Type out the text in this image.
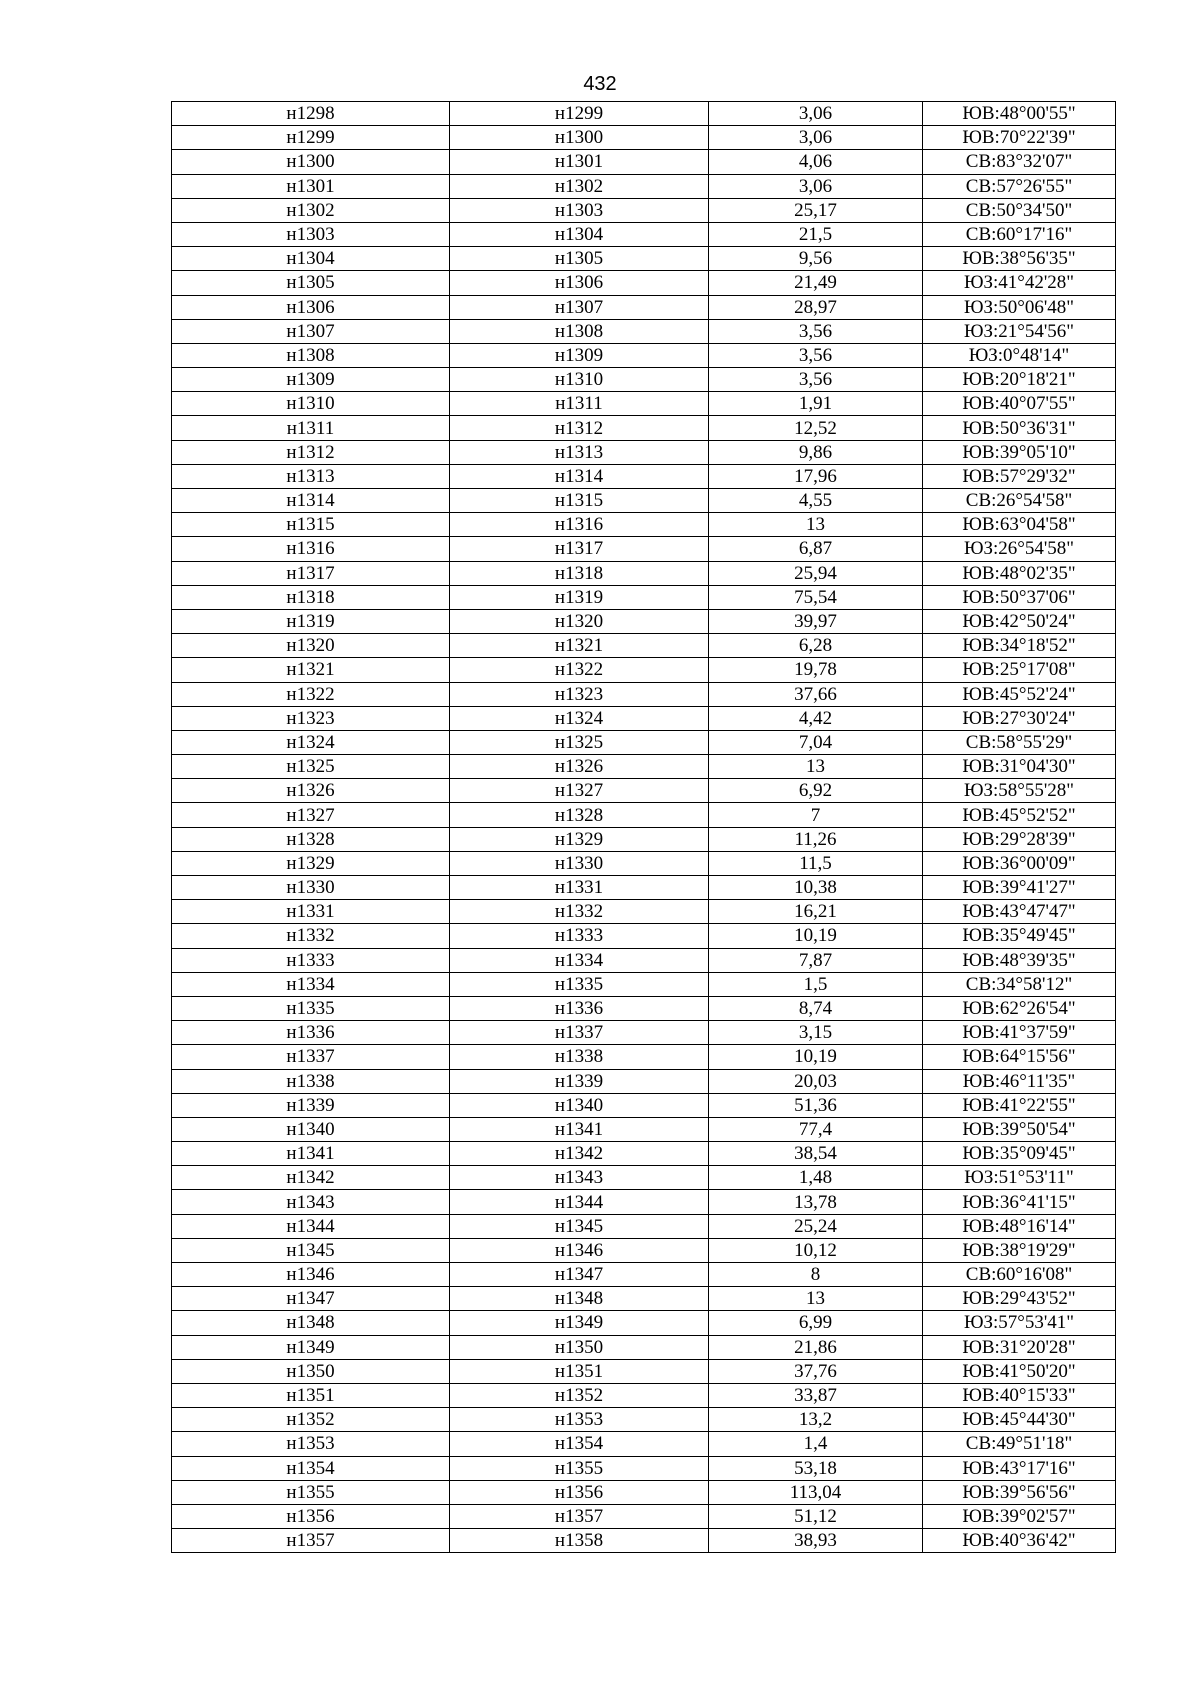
432
н1298	н1299	3,06	ЮВ:48°00'55"
н1299	н1300	3,06	ЮВ:70°22'39"
н1300	н1301	4,06	СВ:83°32'07"
н1301	н1302	3,06	СВ:57°26'55"
н1302	н1303	25,17	СВ:50°34'50"
н1303	н1304	21,5	СВ:60°17'16"
н1304	н1305	9,56	ЮВ:38°56'35"
н1305	н1306	21,49	ЮЗ:41°42'28"
н1306	н1307	28,97	ЮЗ:50°06'48"
н1307	н1308	3,56	ЮЗ:21°54'56"
н1308	н1309	3,56	ЮЗ:0°48'14"
н1309	н1310	3,56	ЮВ:20°18'21"
н1310	н1311	1,91	ЮВ:40°07'55"
н1311	н1312	12,52	ЮВ:50°36'31"
н1312	н1313	9,86	ЮВ:39°05'10"
н1313	н1314	17,96	ЮВ:57°29'32"
н1314	н1315	4,55	СВ:26°54'58"
н1315	н1316	13	ЮВ:63°04'58"
н1316	н1317	6,87	ЮЗ:26°54'58"
н1317	н1318	25,94	ЮВ:48°02'35"
н1318	н1319	75,54	ЮВ:50°37'06"
н1319	н1320	39,97	ЮВ:42°50'24"
н1320	н1321	6,28	ЮВ:34°18'52"
н1321	н1322	19,78	ЮВ:25°17'08"
н1322	н1323	37,66	ЮВ:45°52'24"
н1323	н1324	4,42	ЮВ:27°30'24"
н1324	н1325	7,04	СВ:58°55'29"
н1325	н1326	13	ЮВ:31°04'30"
н1326	н1327	6,92	ЮЗ:58°55'28"
н1327	н1328	7	ЮВ:45°52'52"
н1328	н1329	11,26	ЮВ:29°28'39"
н1329	н1330	11,5	ЮВ:36°00'09"
н1330	н1331	10,38	ЮВ:39°41'27"
н1331	н1332	16,21	ЮВ:43°47'47"
н1332	н1333	10,19	ЮВ:35°49'45"
н1333	н1334	7,87	ЮВ:48°39'35"
н1334	н1335	1,5	СВ:34°58'12"
н1335	н1336	8,74	ЮВ:62°26'54"
н1336	н1337	3,15	ЮВ:41°37'59"
н1337	н1338	10,19	ЮВ:64°15'56"
н1338	н1339	20,03	ЮВ:46°11'35"
н1339	н1340	51,36	ЮВ:41°22'55"
н1340	н1341	77,4	ЮВ:39°50'54"
н1341	н1342	38,54	ЮВ:35°09'45"
н1342	н1343	1,48	ЮЗ:51°53'11"
н1343	н1344	13,78	ЮВ:36°41'15"
н1344	н1345	25,24	ЮВ:48°16'14"
н1345	н1346	10,12	ЮВ:38°19'29"
н1346	н1347	8	СВ:60°16'08"
н1347	н1348	13	ЮВ:29°43'52"
н1348	н1349	6,99	ЮЗ:57°53'41"
н1349	н1350	21,86	ЮВ:31°20'28"
н1350	н1351	37,76	ЮВ:41°50'20"
н1351	н1352	33,87	ЮВ:40°15'33"
н1352	н1353	13,2	ЮВ:45°44'30"
н1353	н1354	1,4	СВ:49°51'18"
н1354	н1355	53,18	ЮВ:43°17'16"
н1355	н1356	113,04	ЮВ:39°56'56"
н1356	н1357	51,12	ЮВ:39°02'57"
н1357	н1358	38,93	ЮВ:40°36'42"
